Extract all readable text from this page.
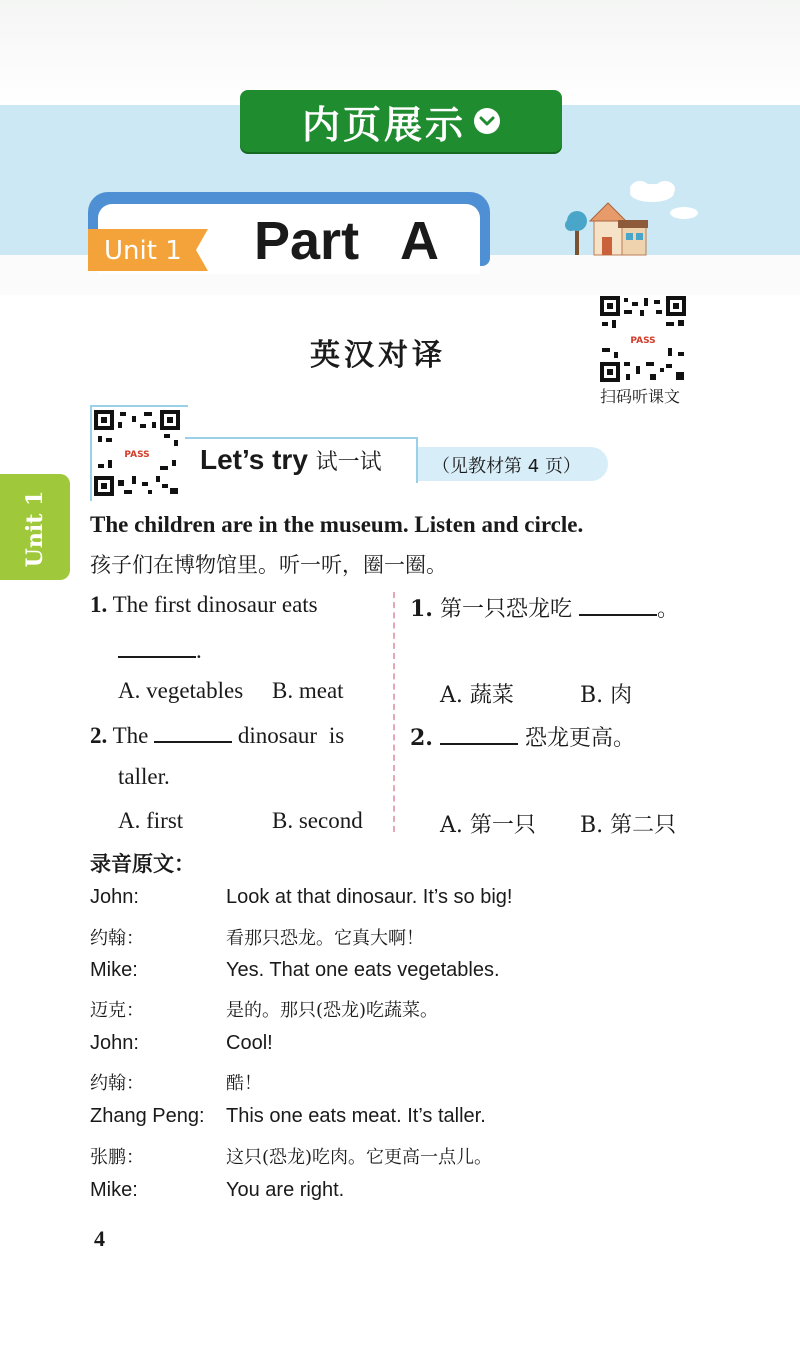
内页展示
Unit 1 Part A
Unit 1
英汉对译	PASS
扫码听课文
PASS Let’s try 试一试	（见教材第 4 页）
The children are in the museum. Listen and circle.
孩子们在博物馆里。听一听，圈一圈。
1. The first dinosaur eats
.
A. vegetables B. meat
2. The	dinosaur is
taller.
A. first	B. second
1. 第一只恐龙吃	。
A. 蔬菜	B. 肉
2.	恐龙更高。
A. 第一只 B. 第二只
录音原文：
John:	Look at that dinosaur. It’s so big!
约翰：	看那只恐龙。它真大啊！
Mike:	Yes. That one eats vegetables.
迈克：	是的。那只(恐龙)吃蔬菜。
John:	Cool!
约翰：	酷！
Zhang Peng: This one eats meat. It’s taller.
张鹏：	这只(恐龙)吃肉。它更高一点儿。
Mike:	You are right.
4
